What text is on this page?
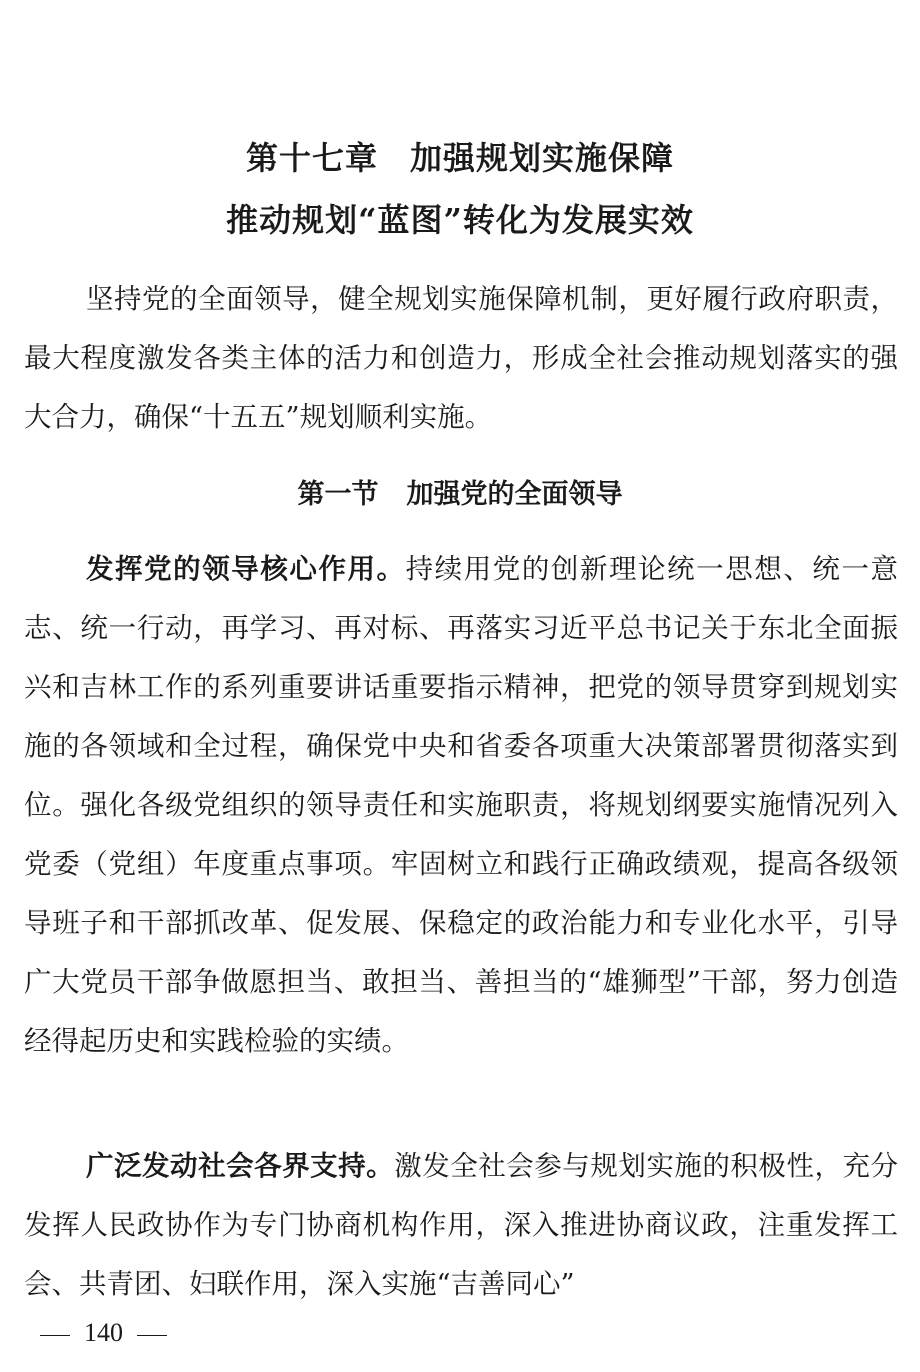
第十七章 加强规划实施保障
推动规划“蓝图”转化为发展实效

坚持党的全面领导，健全规划实施保障机制，更好履行政府职责，最大程度激发各类主体的活力和创造力，形成全社会推动规划落实的强大合力，确保“十五五”规划顺利实施。

第一节 加强党的全面领导

发挥党的领导核心作用。持续用党的创新理论统一思想、统一意志、统一行动，再学习、再对标、再落实习近平总书记关于东北全面振兴和吉林工作的系列重要讲话重要指示精神，把党的领导贯穿到规划实施的各领域和全过程，确保党中央和省委各项重大决策部署贯彻落实到位。强化各级党组织的领导责任和实施职责，将规划纲要实施情况列入党委（党组）年度重点事项。牢固树立和践行正确政绩观，提高各级领导班子和干部抓改革、促发展、保稳定的政治能力和专业化水平，引导广大党员干部争做愿担当、敢担当、善担当的“雄狮型”干部，努力创造经得起历史和实践检验的实绩。

广泛发动社会各界支持。激发全社会参与规划实施的积极性，充分发挥人民政协作为专门协商机构作用，深入推进协商议政，注重发挥工会、共青团、妇联作用，深入实施“吉善同心”

140
